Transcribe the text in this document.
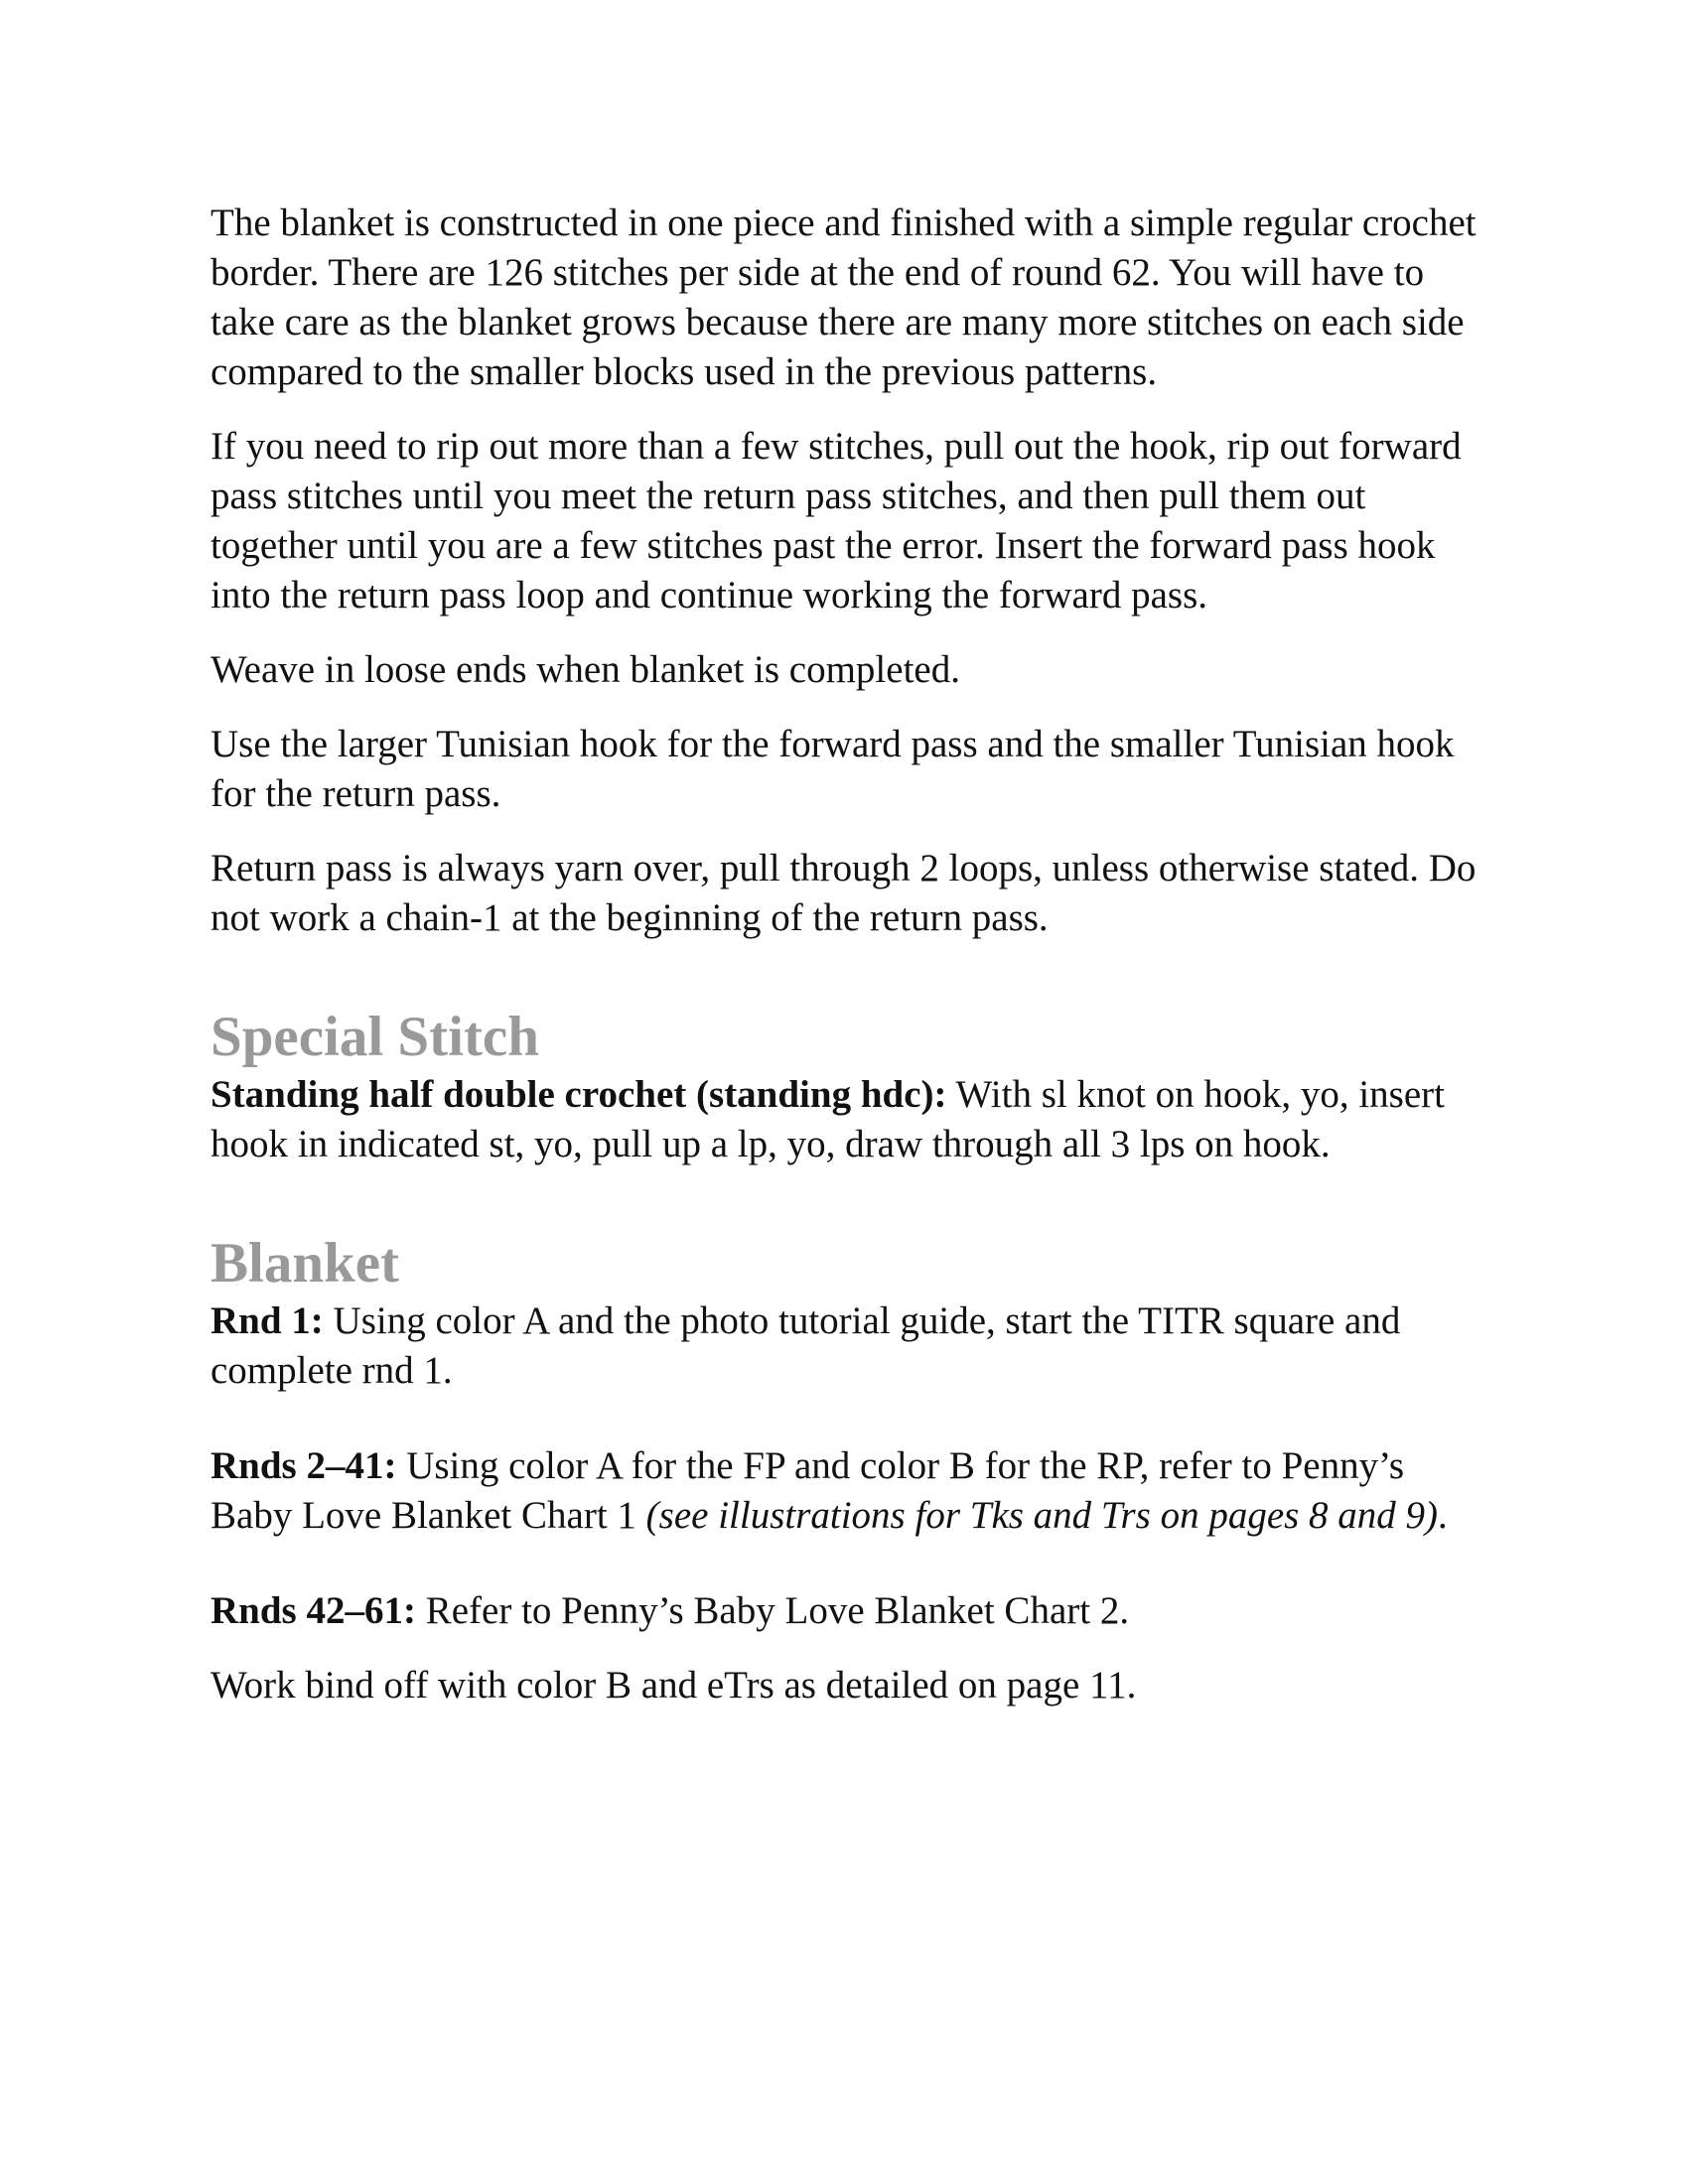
The blanket is constructed in one piece and finished with a simple regular crochet border. There are 126 stitches per side at the end of round 62. You will have to take care as the blanket grows because there are many more stitches on each side compared to the smaller blocks used in the previous patterns.

If you need to rip out more than a few stitches, pull out the hook, rip out forward pass stitches until you meet the return pass stitches, and then pull them out together until you are a few stitches past the error. Insert the forward pass hook into the return pass loop and continue working the forward pass.

Weave in loose ends when blanket is completed.

Use the larger Tunisian hook for the forward pass and the smaller Tunisian hook for the return pass.

Return pass is always yarn over, pull through 2 loops, unless otherwise stated. Do not work a chain-1 at the beginning of the return pass.

Special Stitch

Standing half double crochet (standing hdc): With sl knot on hook, yo, insert hook in indicated st, yo, pull up a lp, yo, draw through all 3 lps on hook.

Blanket

Rnd 1: Using color A and the photo tutorial guide, start the TITR square and complete rnd 1.

Rnds 2–41: Using color A for the FP and color B for the RP, refer to Penny’s Baby Love Blanket Chart 1 (see illustrations for Tks and Trs on pages 8 and 9).

Rnds 42–61: Refer to Penny’s Baby Love Blanket Chart 2.

Work bind off with color B and eTrs as detailed on page 11.
